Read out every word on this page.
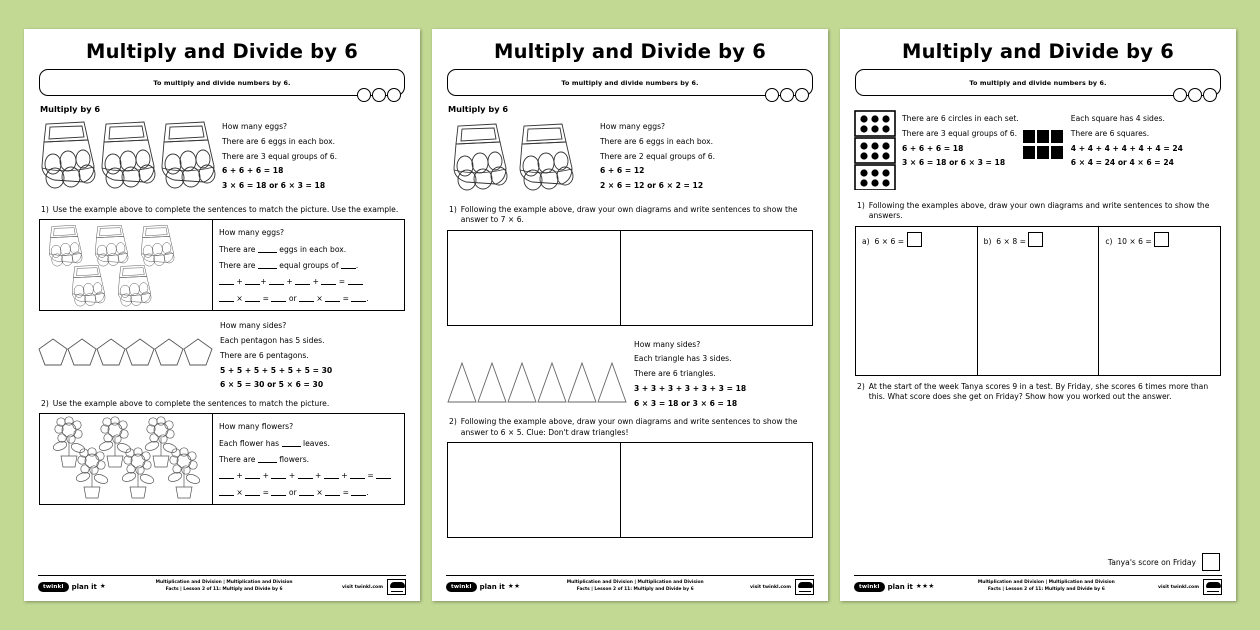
Multiply and Divide by 6
To multiply and divide numbers by 6.
Multiply by 6
How many eggs?
There are 6 eggs in each box.
There are 3 equal groups of 6.
6 + 6 + 6 = 18
3 × 6 = 18 or 6 × 3 = 18
1) Use the example above to complete the sentences to match the picture. Use the example.
How many eggs?
There are	eggs in each box.
There are	equal groups of .
+ +  +  +  =
×  =  or  ×  = .
How many sides?
Each pentagon has 5 sides.
There are 6 pentagons.
5 + 5 + 5 + 5 + 5 + 5 = 30
6 × 5 = 30 or 5 × 6 = 30
2) Use the example above to complete the sentences to match the picture.
How many flowers?
Each flower has	leaves.
There are	flowers.
+  +  +  +  +  =
×  =  or  ×  = .
twinkl	plan it ★	Multiplication and Division | Multiplication and Division
Facts | Lesson 2 of 11: Multiply and Divide by 6	visit twinkl.com
Multiply and Divide by 6
To multiply and divide numbers by 6.
Multiply by 6
How many eggs?
There are 6 eggs in each box.
There are 2 equal groups of 6.
6 + 6 = 12
2 × 6 = 12 or 6 × 2 = 12
1) Following the example above, draw your own diagrams and write sentences to show the answer to 7 × 6.
How many sides?
Each triangle has 3 sides.
There are 6 triangles.
3 + 3 + 3 + 3 + 3 + 3 = 18
6 × 3 = 18 or 3 × 6 = 18
2) Following the example above, draw your own diagrams and write sentences to show the answer to 6 × 5. Clue: Don't draw triangles!
twinkl	plan it ★★	Multiplication and Division | Multiplication and Division
Facts | Lesson 2 of 11: Multiply and Divide by 6	visit twinkl.com
Multiply and Divide by 6
To multiply and divide numbers by 6.
There are 6 circles in each set.
There are 3 equal groups of 6.
6 + 6 + 6 = 18
3 × 6 = 18 or 6 × 3 = 18
Each square has 4 sides.
There are 6 squares.
4 + 4 + 4 + 4 + 4 + 4 = 24
6 × 4 = 24 or 4 × 6 = 24
1) Following the examples above, draw your own diagrams and write sentences to show the answers.
a) 6 × 6 =	b) 6 × 8 =	c) 10 × 6 =
2) At the start of the week Tanya scores 9 in a test. By Friday, she scores 6 times more than this. What score does she get on Friday? Show how you worked out the answer.
Tanya's score on Friday
twinkl	plan it ★★★	Multiplication and Division | Multiplication and Division
Facts | Lesson 2 of 11: Multiply and Divide by 6	visit twinkl.com
